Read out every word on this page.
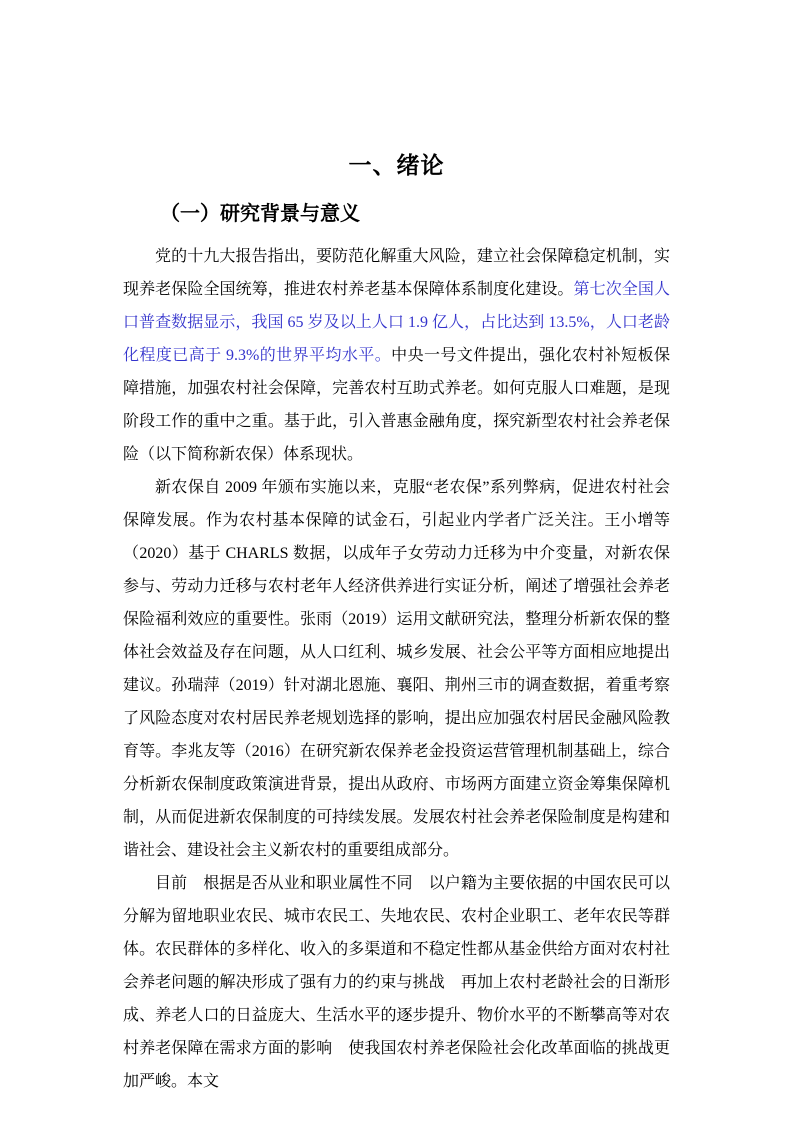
一、绪论
（一）研究背景与意义

党的十九大报告指出，要防范化解重大风险，建立社会保障稳定机制，实现养老保险全国统筹，推进农村养老基本保障体系制度化建设。第七次全国人口普查数据显示，我国 65 岁及以上人口 1.9 亿人，占比达到 13.5%，人口老龄化程度已高于 9.3%的世界平均水平。中央一号文件提出，强化农村补短板保障措施，加强农村社会保障，完善农村互助式养老。如何克服人口难题，是现阶段工作的重中之重。基于此，引入普惠金融角度，探究新型农村社会养老保险（以下简称新农保）体系现状。

新农保自 2009 年颁布实施以来，克服“老农保”系列弊病，促进农村社会保障发展。作为农村基本保障的试金石，引起业内学者广泛关注。王小增等（2020）基于 CHARLS 数据，以成年子女劳动力迁移为中介变量，对新农保参与、劳动力迁移与农村老年人经济供养进行实证分析，阐述了增强社会养老保险福利效应的重要性。张雨（2019）运用文献研究法，整理分析新农保的整体社会效益及存在问题，从人口红利、城乡发展、社会公平等方面相应地提出建议。孙瑞萍（2019）针对湖北恩施、襄阳、荆州三市的调查数据，着重考察了风险态度对农村居民养老规划选择的影响，提出应加强农村居民金融风险教育等。李兆友等（2016）在研究新农保养老金投资运营管理机制基础上，综合分析新农保制度政策演进背景，提出从政府、市场两方面建立资金筹集保障机制，从而促进新农保制度的可持续发展。发展农村社会养老保险制度是构建和谐社会、建设社会主义新农村的重要组成部分。

目前　根据是否从业和职业属性不同　以户籍为主要依据的中国农民可以分解为留地职业农民、城市农民工、失地农民、农村企业职工、老年农民等群体。农民群体的多样化、收入的多渠道和不稳定性都从基金供给方面对农村社会养老问题的解决形成了强有力的约束与挑战　再加上农村老龄社会的日渐形成、养老人口的日益庞大、生活水平的逐步提升、物价水平的不断攀高等对农村养老保障在需求方面的影响　使我国农村养老保险社会化改革面临的挑战更加严峻。本文
